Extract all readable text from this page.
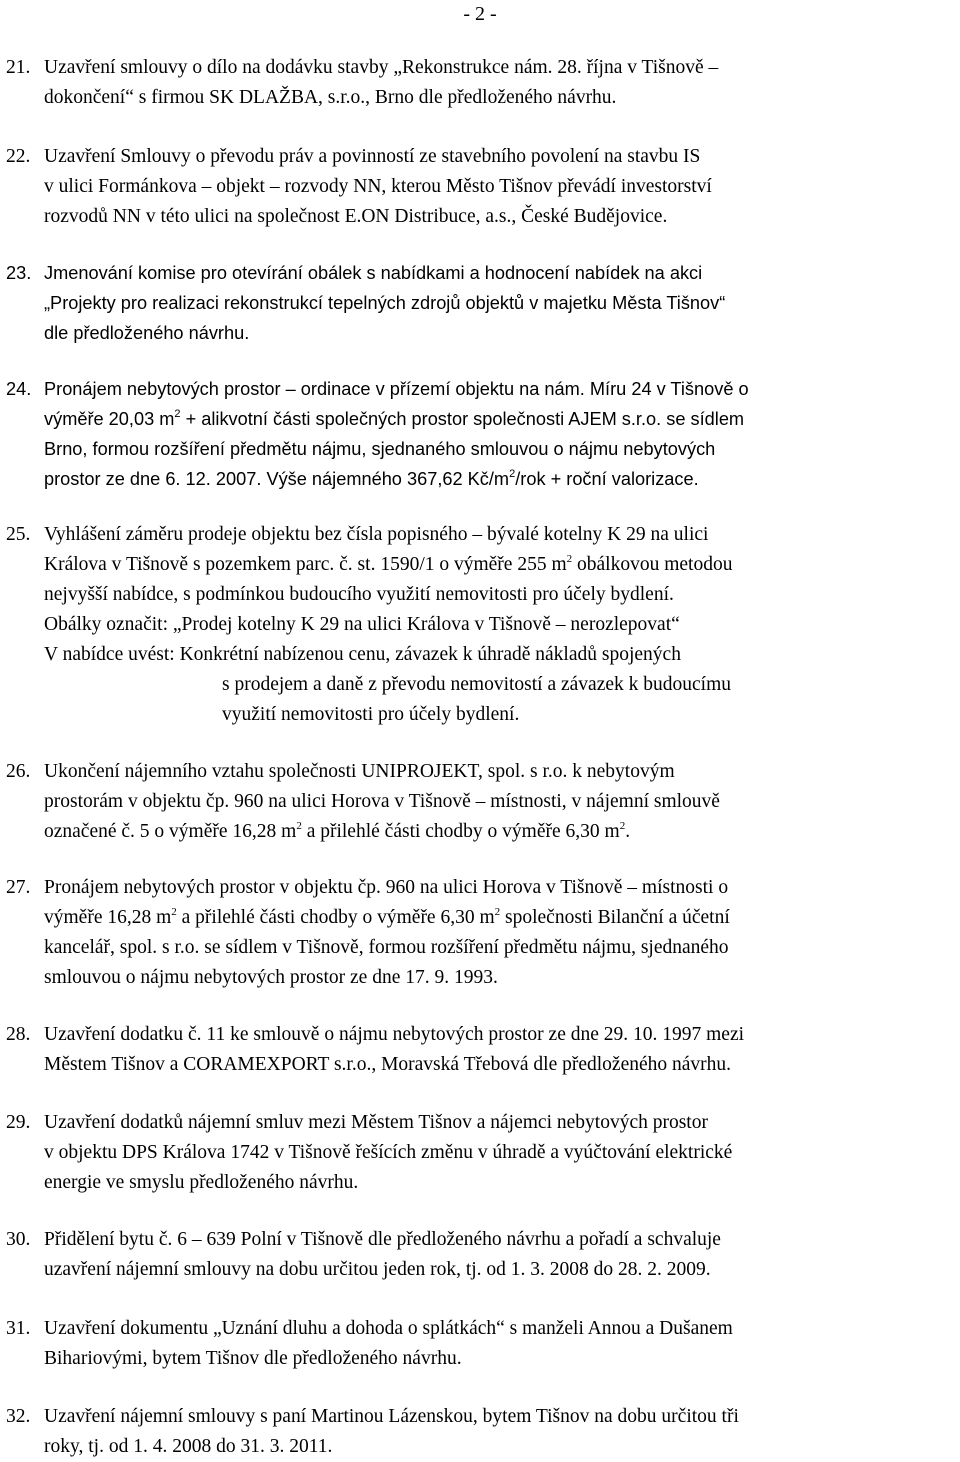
- 2 -
21. Uzavření smlouvy o dílo na dodávku stavby „Rekonstrukce nám. 28. října v Tišnově –
dokončení“ s firmou SK DLAŽBA, s.r.o., Brno dle předloženého návrhu.
22. Uzavření Smlouvy o převodu práv a povinností ze stavebního povolení na stavbu IS
v ulici Formánkova – objekt – rozvody NN, kterou Město Tišnov převádí investorství
rozvodů NN v této ulici na společnost E.ON Distribuce, a.s., České Budějovice.
23. Jmenování komise pro otevírání obálek s nabídkami a hodnocení nabídek na akci
„Projekty pro realizaci rekonstrukcí tepelných zdrojů objektů v majetku Města Tišnov“
dle předloženého návrhu.
24. Pronájem nebytových prostor – ordinace v přízemí objektu na nám. Míru 24 v Tišnově o
výměře 20,03 $m^2$ + alikvotní části společných prostor společnosti AJEM s.r.o. se sídlem
Brno, formou rozšíření předmětu nájmu, sjednaného smlouvou o nájmu nebytových
prostor ze dne 6. 12. 2007. Výše nájemného 367,62 $Kč/m^2$/rok + roční valorizace.
25. Vyhlášení záměru prodeje objektu bez čísla popisného – bývalé kotelny K 29 na ulici
Králova v Tišnově s pozemkem parc. č. st. 1590/1 o výměře 255 $m^2$ obálkovou metodou
nejvyšší nabídce, s podmínkou budoucího využití nemovitosti pro účely bydlení.
Obálky označit: „Prodej kotelny K 29 na ulici Králova v Tišnově – nerozlepovat“
V nabídce uvést: Konkrétní nabízenou cenu, závazek k úhradě nákladů spojených
s prodejem a daně z převodu nemovitostí a závazek k budoucímu
využití nemovitosti pro účely bydlení.
26. Ukončení nájemního vztahu společnosti UNIPROJEKT, spol. s r.o. k nebytovým
prostorám v objektu čp. 960 na ulici Horova v Tišnově – místnosti, v nájemní smlouvě
označené č. 5 o výměře 16,28 $m^2$ a přilehlé části chodby o výměře 6,30 $m^2$.
27. Pronájem nebytových prostor v objektu čp. 960 na ulici Horova v Tišnově – místnosti o
výměře 16,28 $m^2$ a přilehlé části chodby o výměře 6,30 $m^2$ společnosti Bilanční a účetní
kancelář, spol. s r.o. se sídlem v Tišnově, formou rozšíření předmětu nájmu, sjednaného
smlouvou o nájmu nebytových prostor ze dne 17. 9. 1993.
28. Uzavření dodatku č. 11 ke smlouvě o nájmu nebytových prostor ze dne 29. 10. 1997 mezi
Městem Tišnov a CORAMEXPORT s.r.o., Moravská Třebová dle předloženého návrhu.
29. Uzavření dodatků nájemní smluv mezi Městem Tišnov a nájemci nebytových prostor
v objektu DPS Králova 1742 v Tišnově řešících změnu v úhradě a vyúčtování elektrické
energie ve smyslu předloženého návrhu.
30. Přidělení bytu č. 6 – 639 Polní v Tišnově dle předloženého návrhu a pořadí a schvaluje
uzavření nájemní smlouvy na dobu určitou jeden rok, tj. od 1. 3. 2008 do 28. 2. 2009.
31. Uzavření dokumentu „Uznání dluhu a dohoda o splátkách“ s manželi Annou a Dušanem
Bihariovými, bytem Tišnov dle předloženého návrhu.
32. Uzavření nájemní smlouvy s paní Martinou Lázenskou, bytem Tišnov na dobu určitou tři
roky, tj. od 1. 4. 2008 do 31. 3. 2011.
